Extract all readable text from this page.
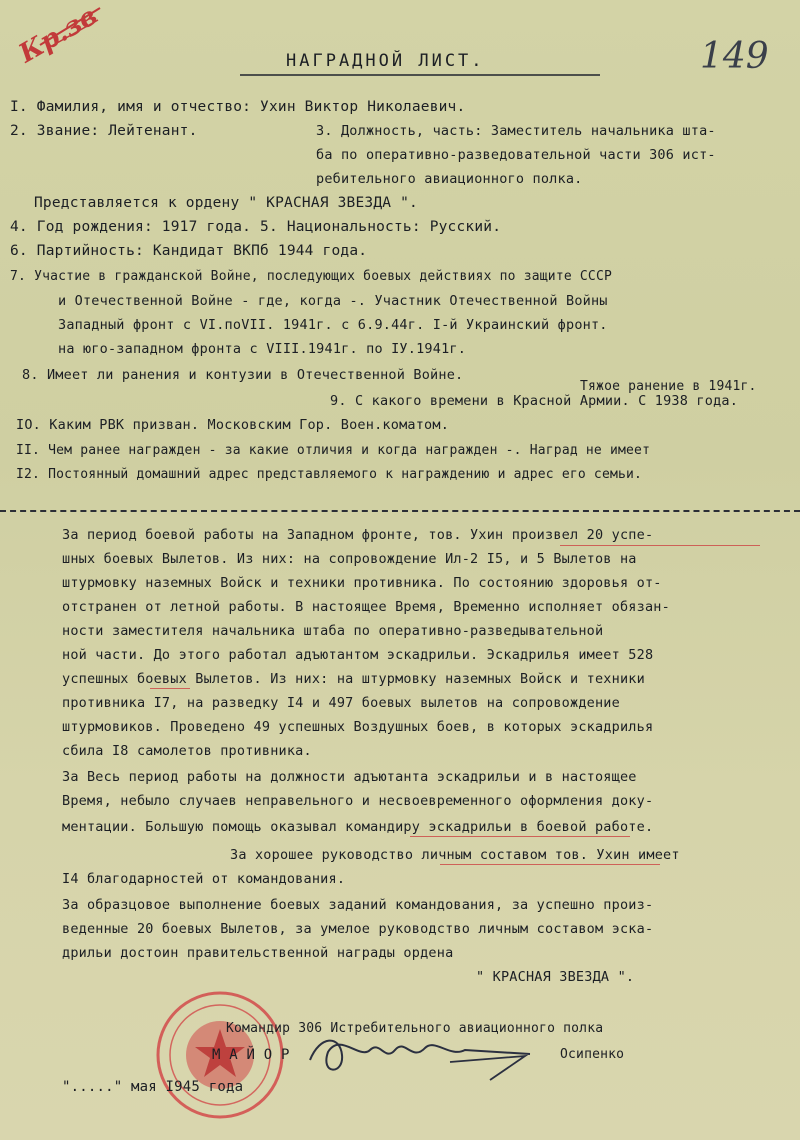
Кр.зв	НАГРАДНОЙ ЛИСТ.	149
I. Фамилия, имя и отчество: Ухин Виктор Николаевич.
2. Звание: Лейтенант.	3. Должность, часть: Заместитель начальника шта-
ба по оперативно-разведовательной части 306 ист-
ребительного авиационного полка.
Представляется к ордену " КРАСНАЯ ЗВЕЗДА ".
4. Год рождения: 1917 года. 5. Национальность: Русский.
6. Партийность: Кандидат ВКПб 1944 года.
7. Участие в гражданской Войне, последующих боевых действиях по защите СССР
и Отечественной Войне - где, когда -. Участник Отечественной Войны
Западный фронт с VI.поVII. 1941г. с 6.9.44г. I-й Украинский фронт.
на юго-западном фронта с VIII.1941г. по IУ.1941г.
8. Имеет ли ранения и контузии в Отечественной Войне.
Тяжое ранение в 1941г.
9. С какого времени в Красной Армии. С 1938 года.
IO. Каким РВК призван. Московским Гор. Воен.коматом.
II. Чем ранее награжден - за какие отличия и когда награжден -. Наград не имеет
I2. Постоянный домашний адрес представляемого к награждению и адрес его семьи.
За период боевой работы на Западном фронте, тов. Ухин произвел 20 успе-
шных боевых Вылетов. Из них: на сопровождение Ил-2 I5, и 5 Вылетов на
штурмовку наземных Войск и техники противника. По состоянию здоровья от-
отстранен от летной работы. В настоящее Время, Временно исполняет обязан-
ности заместителя начальника штаба по оперативно-разведывательной
ной части. До этого работал адъютантом эскадрильи. Эскадрилья имеет 528
успешных боевых Вылетов. Из них: на штурмовку наземных Войск и техники
противника I7, на разведку I4 и 497 боевых вылетов на сопровождение
штурмовиков. Проведено 49 успешных Воздушных боев, в которых эскадрилья
сбила I8 самолетов противника.
За Весь период работы на должности адъютанта эскадрильи и в настоящее
Время, небыло случаев неправельного и несвоевременного оформления доку-
ментации. Большую помощь оказывал командиру эскадрильи в боевой работе.
За хорошее руководство личным составом тов. Ухин имеет
I4 благодарностей от командования.
За образцовое выполнение боевых заданий командования, за успешно произ-
веденные 20 боевых Вылетов, за умелое руководство личным составом эска-
дрильи достоин правительственной награды ордена
" КРАСНАЯ ЗВЕЗДА ".
Командир 306 Истребительного авиационного полка
М А Й О Р	Осипенко
"....." мая I945 года
